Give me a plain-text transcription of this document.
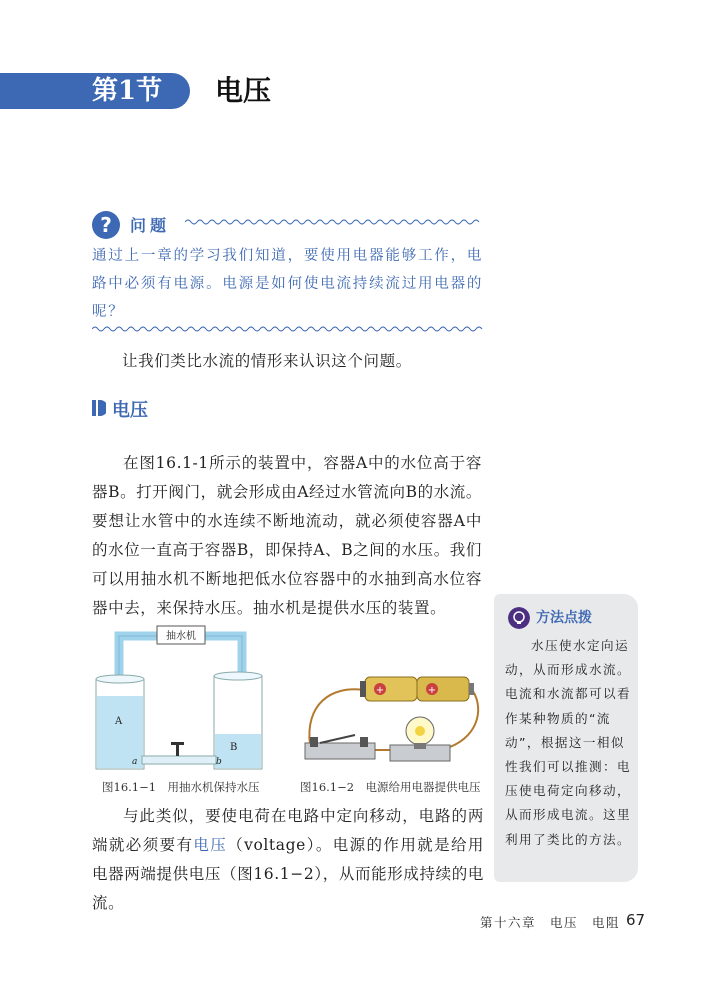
第1节 电压
?	问题
通过上一章的学习我们知道，要使用电器能够工作，电路中必须有电源。电源是如何使电流持续流过用电器的呢？
让我们类比水流的情形来认识这个问题。
电压
在图16.1-1所示的装置中，容器A中的水位高于容器B。打开阀门，就会形成由A经过水管流向B的水流。要想让水管中的水连续不断地流动，就必须使容器A中的水位一直高于容器B，即保持A、B之间的水压。我们可以用抽水机不断地把低水位容器中的水抽到高水位容器中去，来保持水压。抽水机是提供水压的装置。
抽水机
A
a
B
b
图16.1−1　用抽水机保持水压
+	+
图16.1−2　电源给用电器提供电压
与此类似，要使电荷在电路中定向移动，电路的两端就必须要有电压（voltage）。电源的作用就是给用电器两端提供电压（图16.1−2），从而能形成持续的电流。
方法点拨
水压使水定向运动，从而形成水流。电流和水流都可以看作某种物质的“流动”，根据这一相似性我们可以推测：电压使电荷定向移动，从而形成电流。这里利用了类比的方法。
第十六章　电压　电阻 67
